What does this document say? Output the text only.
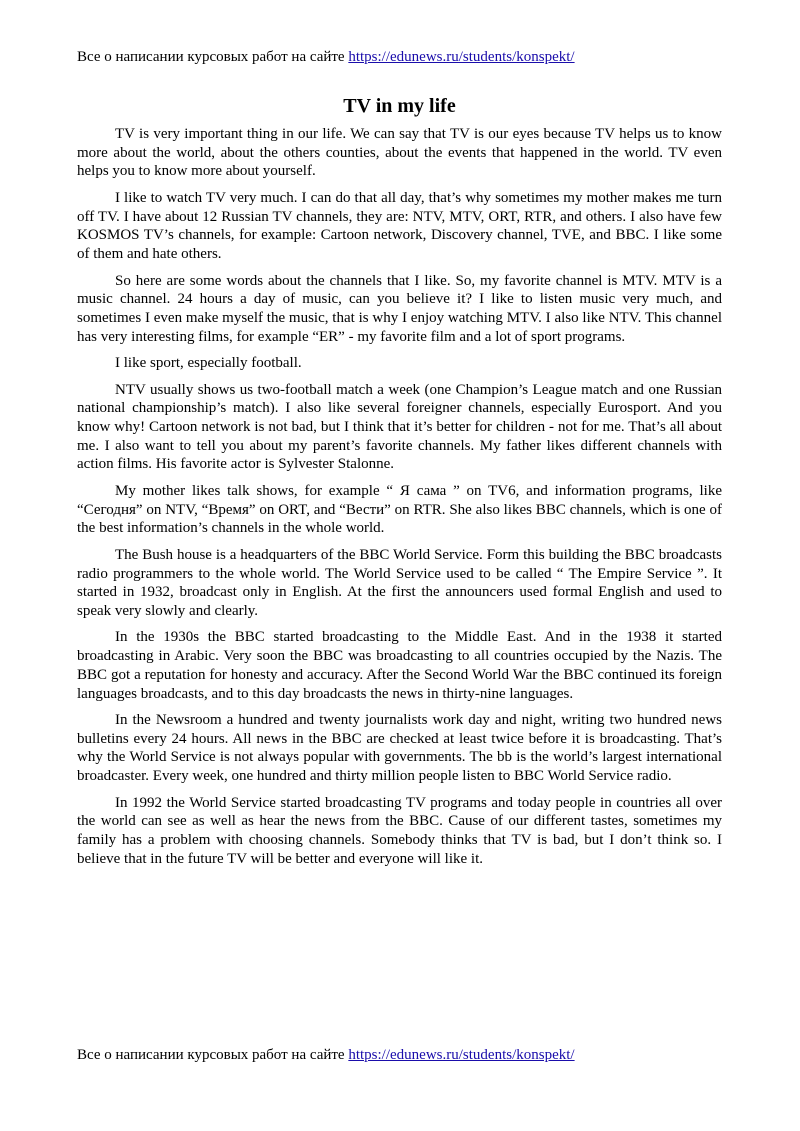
Все о написании курсовых работ на сайте https://edunews.ru/students/konspekt/
TV in my life

TV is very important thing in our life. We can say that TV is our eyes because TV helps us to know more about the world, about the others counties, about the events that happened in the world. TV even helps you to know more about yourself.

I like to watch TV very much. I can do that all day, that’s why sometimes my mother makes me turn off TV. I have about 12 Russian TV channels, they are: NTV, MTV, ORT, RTR, and others. I also have few KOSMOS TV’s channels, for example: Cartoon network, Discovery channel, TVE, and BBC. I like some of them and hate others.

So here are some words about the channels that I like. So, my favorite channel is MTV. MTV is a music channel. 24 hours a day of music, can you believe it? I like to listen music very much, and sometimes I even make myself the music, that is why I enjoy watching MTV. I also like NTV. This channel has very interesting films, for example “ER” - my favorite film and a lot of sport programs.

I like sport, especially football.

NTV usually shows us two-football match a week (one Champion’s League match and one Russian national championship’s match). I also like several foreigner channels, especially Eurosport. And you know why! Cartoon network is not bad, but I think that it’s better for children - not for me. That’s all about me. I also want to tell you about my parent’s favorite channels. My father likes different channels with action films. His favorite actor is Sylvester Stalonne.

My mother likes talk shows, for example “ Я сама ” on TV6, and information programs, like “Сегодня” on NTV, “Время” on ORT, and “Вести” on RTR. She also likes BBC channels, which is one of the best information’s channels in the whole world.

The Bush house is a headquarters of the BBC World Service. Form this building the BBC broadcasts radio programmers to the whole world. The World Service used to be called “ The Empire Service ”. It started in 1932, broadcast only in English. At the first the announcers used formal English and used to speak very slowly and clearly.

In the 1930s the BBC started broadcasting to the Middle East. And in the 1938 it started broadcasting in Arabic. Very soon the BBC was broadcasting to all countries occupied by the Nazis. The BBC got a reputation for honesty and accuracy. After the Second World War the BBC continued its foreign languages broadcasts, and to this day broadcasts the news in thirty-nine languages.

In the Newsroom a hundred and twenty journalists work day and night, writing two hundred news bulletins every 24 hours. All news in the BBC are checked at least twice before it is broadcasting. That’s why the World Service is not always popular with governments. The bb is the world’s largest international broadcaster. Every week, one hundred and thirty million people listen to BBC World Service radio.

In 1992 the World Service started broadcasting TV programs and today people in countries all over the world can see as well as hear the news from the BBC. Cause of our different tastes, sometimes my family has a problem with choosing channels. Somebody thinks that TV is bad, but I don’t think so. I believe that in the future TV will be better and everyone will like it.

Все о написании курсовых работ на сайте https://edunews.ru/students/konspekt/
